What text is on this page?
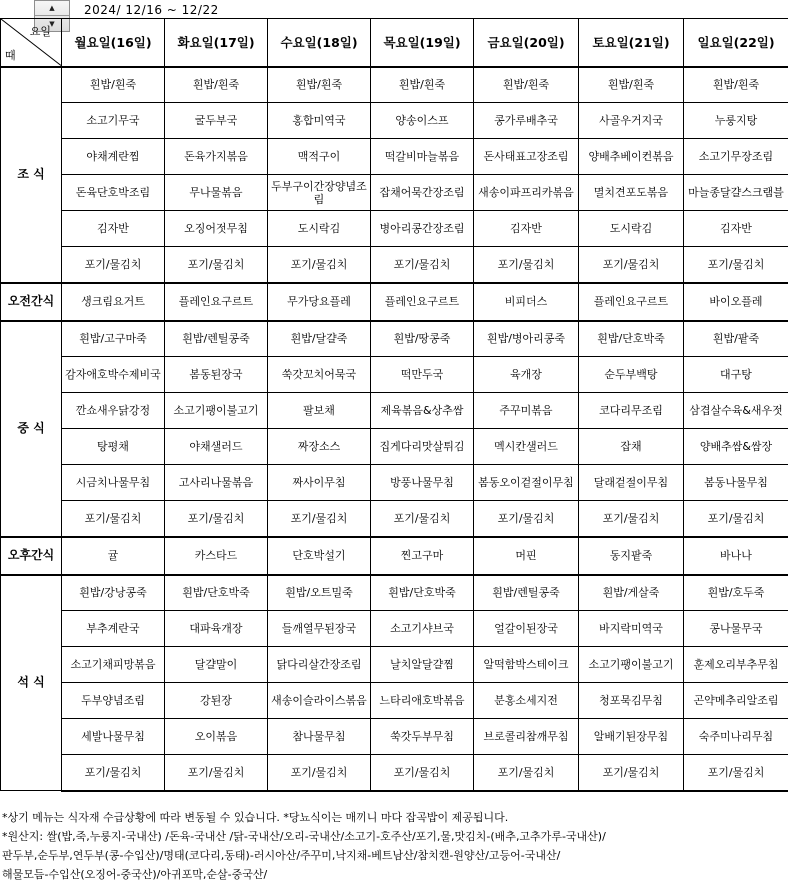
▲
▼
2024/ 12/16 ~ 12/22
요일
때	월요일(16일)	화요일(17일)	수요일(18일)	목요일(19일)	금요일(20일)	토요일(21일)	일요일(22일)
조 식	흰밥/흰죽	흰밥/흰죽	흰밥/흰죽	흰밥/흰죽	흰밥/흰죽	흰밥/흰죽	흰밥/흰죽
	소고기무국	굴두부국	홍합미역국	양송이스프	콩가루배추국	사골우거지국	누룽지탕
	야채계란찜	돈육가지볶음	맥적구이	떡갈비마늘볶음	돈사태표고장조림	양배추베이컨볶음	소고기무장조림
	돈육단호박조림	무나물볶음	두부구이간장양념조림	잡채어묵간장조림	새송이파프리카볶음	멸치견포도볶음	마늘종달걀스크램블
	김자반	오징어젓무침	도시락김	병아리콩간장조림	김자반	도시락김	김자반
	포기/물김치	포기/물김치	포기/물김치	포기/물김치	포기/물김치	포기/물김치	포기/물김치
오전간식	생크림요거트	플레인요구르트	무가당요플레	플레인요구르트	비피더스	플레인요구르트	바이오플레
중 식	흰밥/고구마죽	흰밥/렌틸콩죽	흰밥/달걀죽	흰밥/땅콩죽	흰밥/병아리콩죽	흰밥/단호박죽	흰밥/팥죽
	감자애호박수제비국	봄동된장국	쑥갓꼬치어묵국	떡만두국	육개장	순두부백탕	대구탕
	깐쇼새우닭강정	소고기팽이불고기	팔보채	제육볶음&상추쌈	주꾸미볶음	코다리무조림	삼겹살수육&새우젓
	탕평채	야채샐러드	짜장소스	집게다리맛살튀김	멕시칸샐러드	잡채	양배추쌈&쌈장
	시금치나물무침	고사리나물볶음	짜사이무침	방풍나물무침	봄동오이겉절이무침	달래겉절이무침	봄동나물무침
	포기/물김치	포기/물김치	포기/물김치	포기/물김치	포기/물김치	포기/물김치	포기/물김치
오후간식	귤	카스타드	단호박설기	찐고구마	머핀	동지팥죽	바나나
석 식	흰밥/강낭콩죽	흰밥/단호박죽	흰밥/오트밀죽	흰밥/단호박죽	흰밥/렌틸콩죽	흰밥/게살죽	흰밥/호두죽
	부추계란국	대파육개장	들깨열무된장국	소고기샤브국	얼갈이된장국	바지락미역국	콩나물무국
	소고기채피망볶음	달걀말이	닭다리살간장조림	날치알달걀찜	알떡함박스테이크	소고기팽이불고기	훈제오리부추무침
	두부양념조림	강된장	새송이슬라이스볶음	느타리애호박볶음	분홍소세지전	청포묵김무침	곤약메추리알조림
	세발나물무침	오이볶음	참나물무침	쑥갓두부무침	브로콜리참깨무침	알배기된장무침	숙주미나리무침
	포기/물김치	포기/물김치	포기/물김치	포기/물김치	포기/물김치	포기/물김치	포기/물김치
*상기 메뉴는 식자재 수급상황에 따라 변동될 수 있습니다. *당뇨식이는 매끼니 마다 잡곡밥이 제공됩니다.
*원산지: 쌀(밥,죽,누룽지-국내산) /돈육-국내산 /닭-국내산/오리-국내산/소고기-호주산/포기,물,맛김치-(배추,고추가루-국내산)/
판두부,순두부,연두부(콩-수입산)/명태(코다리,동태)-러시아산/주꾸미,낙지채-베트남산/참치캔-원양산/고등어-국내산/
해물모듬-수입산(오징어-중국산)/아귀포막,순살-중국산/
